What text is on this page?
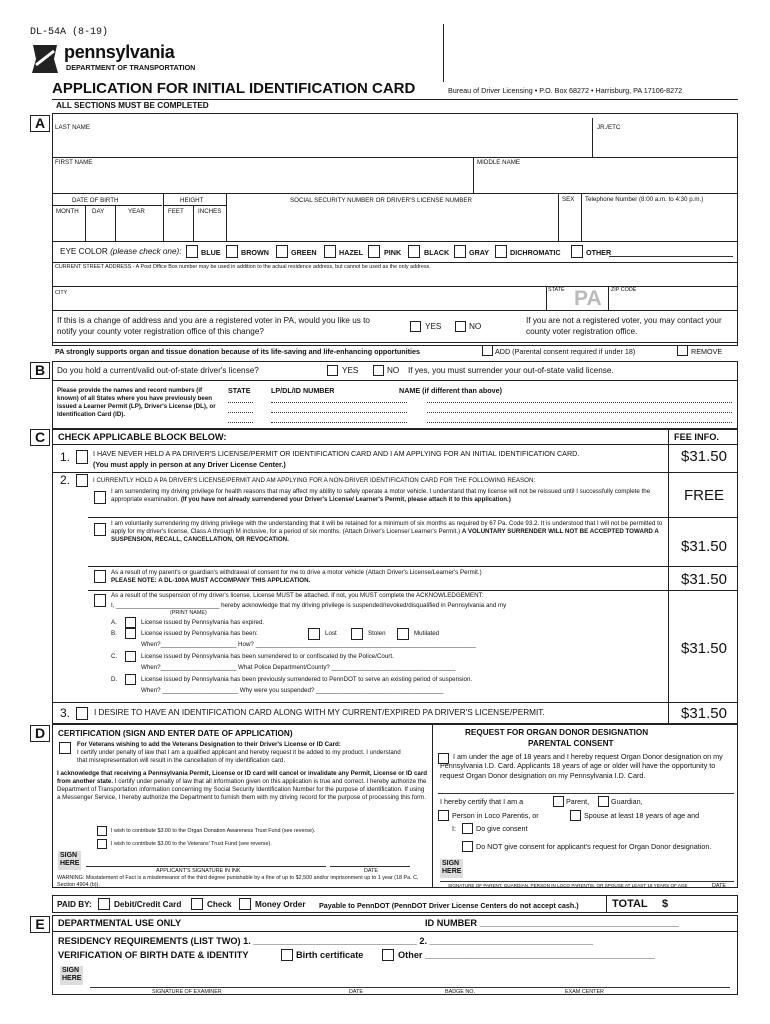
DL-54A (8-19)
pennsylvania
DEPARTMENT OF TRANSPORTATION
APPLICATION FOR INITIAL IDENTIFICATION CARD	Bureau of Driver Licensing • P.O. Box 68272 • Harrisburg, PA 17106-8272
ALL SECTIONS MUST BE COMPLETED
A	LAST NAME	JR./ETC
FIRST NAME	MIDDLE NAME
DATE OF BIRTH	HEIGHT	SOCIAL SECURITY NUMBER OR DRIVER'S LICENSE NUMBER	SEX Telephone Number (8:00 a.m. to 4:30 p.m.)
MONTH DAY	YEAR	FEET INCHES
EYE COLOR (please check one):	BLUE	BROWN	GREEN	HAZEL	PINK	BLACK	GRAY	DICHROMATIC	OTHER
CURRENT STREET ADDRESS - A Post Office Box number may be used in addition to the actual residence address, but cannot be used as the only address.
CITY	STATE PA ZIP CODE
If this is a change of address and you are a registered voter in PA, would you like us to notify your county voter registration office of this change?
YES	NO
If you are not a registered voter, you may contact your county voter registration office.
PA strongly supports organ and tissue donation because of its life-saving and life-enhancing opportunities	ADD (Parental consent required if under 18)	REMOVE
B	Do you hold a current/valid out-of-state driver's license?	YES	NO If yes, you must surrender your out-of-state valid license.
Please provide the names and record numbers (if known) of all States where you have previously been issued a Learner Permit (LP), Driver's License (DL), or Identification Card (ID).
STATE	LP/DL/ID NUMBER	NAME (if different than above)
C	CHECK APPLICABLE BLOCK BELOW:	FEE INFO.
1.	I HAVE NEVER HELD A PA DRIVER'S LICENSE/PERMIT OR IDENTIFICATION CARD AND I AM APPLYING FOR AN INITIAL IDENTIFICATION CARD.
(You must apply in person at any Driver License Center.)	$31.50
2.	I CURRENTLY HOLD A PA DRIVER'S LICENSE/PERMIT AND AM APPLYING FOR A NON-DRIVER IDENTIFICATION CARD FOR THE FOLLOWING REASON:
I am surrendering my driving privilege for health reasons that may affect my ability to safely operate a motor vehicle. I understand that my license will not be reissued until I successfully complete the appropriate examination. (If you have not already surrendered your Driver's License/ Learner's Permit, please attach it to this application.)	FREE
I am voluntarily surrendering my driving privilege with the understanding that it will be retained for a minimum of six months as required by 67 Pa. Code 93.2. It is understood that I will not be permitted to apply for my driver's license, Class A through M inclusive, for a period of six months. (Attach Driver's License/ Learner's Permit.) A VOLUNTARY SURRENDER WILL NOT BE ACCEPTED TOWARD A SUSPENSION, RECALL, CANCELLATION, OR REVOCATION.	$31.50
As a result of my parent's or guardian's withdrawal of consent for me to drive a motor vehicle (Attach Driver's License/Learner's Permit.)
PLEASE NOTE: A DL-100A MUST ACCOMPANY THIS APPLICATION.	$31.50
As a result of the suspension of my driver's license. License MUST be attached. If not, you MUST complete the ACKNOWLEDGEMENT:
I, ______________________________ hereby acknowledge that my driving privilege is suspended/revoked/disqualified in Pennsylvania and my
(PRINT NAME)
A.	License issued by Pennsylvania has expired.
B.	License issued by Pennsylvania has been:	Lost	Stolen	Mutilated
When?______________________ How? ________________________________________________________________
C.	License issued by Pennsylvania has been surrendered to or confiscated by the Police/Court.
When?______________________ What Police Department/County? ____________________________________
D.	License issued by Pennsylvania has been previously surrendered to PennDOT to serve an existing period of suspension.
When? ______________________ Why were you suspended? _____________________________________
$31.50
3.	I DESIRE TO HAVE AN IDENTIFICATION CARD ALONG WITH MY CURRENT/EXPIRED PA DRIVER'S LICENSE/PERMIT.	$31.50
D	CERTIFICATION (SIGN AND ENTER DATE OF APPLICATION)
For Veterans wishing to add the Veterans Designation to their Driver's License or ID Card:
I certify under penalty of law that I am a qualified applicant and hereby request it be added to my product. I understand that misrepresentation will result in the cancellation of my identification card.
I acknowledge that receiving a Pennsylvania Permit, License or ID card will cancel or invalidate any Permit, License or ID card from another state. I certify under penalty of law that all information given on this application is true and correct. I hereby authorize the Department of Transportation information concerning my Social Security Identification Number for the purpose of identification. If using a Messenger Service, I hereby authorize the Department to furnish them with my driving record for the purpose of processing this form.
I wish to contribute $3.00 to the Organ Donation Awareness Trust Fund (see reverse).
I wish to contribute $3.00 to the Veterans' Trust Fund (see reverse).
SIGN
HERE
APPLICANT'S SIGNATURE IN INK	DATE
WARNING: Misstatement of Fact is a misdemeanor of the third degree punishable by a fine of up to $2,500 and/or imprisonment up to 1 year (18 Pa. C, Section 4904 (b)).
REQUEST FOR ORGAN DONOR DESIGNATION
PARENTAL CONSENT
I am under the age of 18 years and I hereby request Organ Donor designation on my Pennsylvania I.D. Card. Applicants 18 years of age or older will have the opportunity to request Organ Donor designation on my Pennsylvania I.D. Card.
I hereby certify that I am a	Parent,	Guardian,
Person in Loco Parentis, or	Spouse at least 18 years of age and
I:	Do give consent
Do NOT give consent for applicant's request for Organ Donor designation.
SIGN
HERE
SIGNATURE OF PARENT, GUARDIAN, PERSON IN LOCO PARENTIS, OR SPOUSE AT LEAST 18 YEARS OF AGE	DATE
PAID BY:	Debit/Credit Card	Check	Money Order Payable to PennDOT (PennDOT Driver License Centers do not accept cash.)	TOTAL $
E	DEPARTMENTAL USE ONLY	ID NUMBER _______________________________________
RESIDENCY REQUIREMENTS (LIST TWO) 1. ________________________________ 2. ________________________________
VERIFICATION OF BIRTH DATE & IDENTITY	Birth certificate	Other _____________________________________________
SIGN
HERE
SIGNATURE OF EXAMINER	DATE	BADGE NO.	EXAM CENTER
